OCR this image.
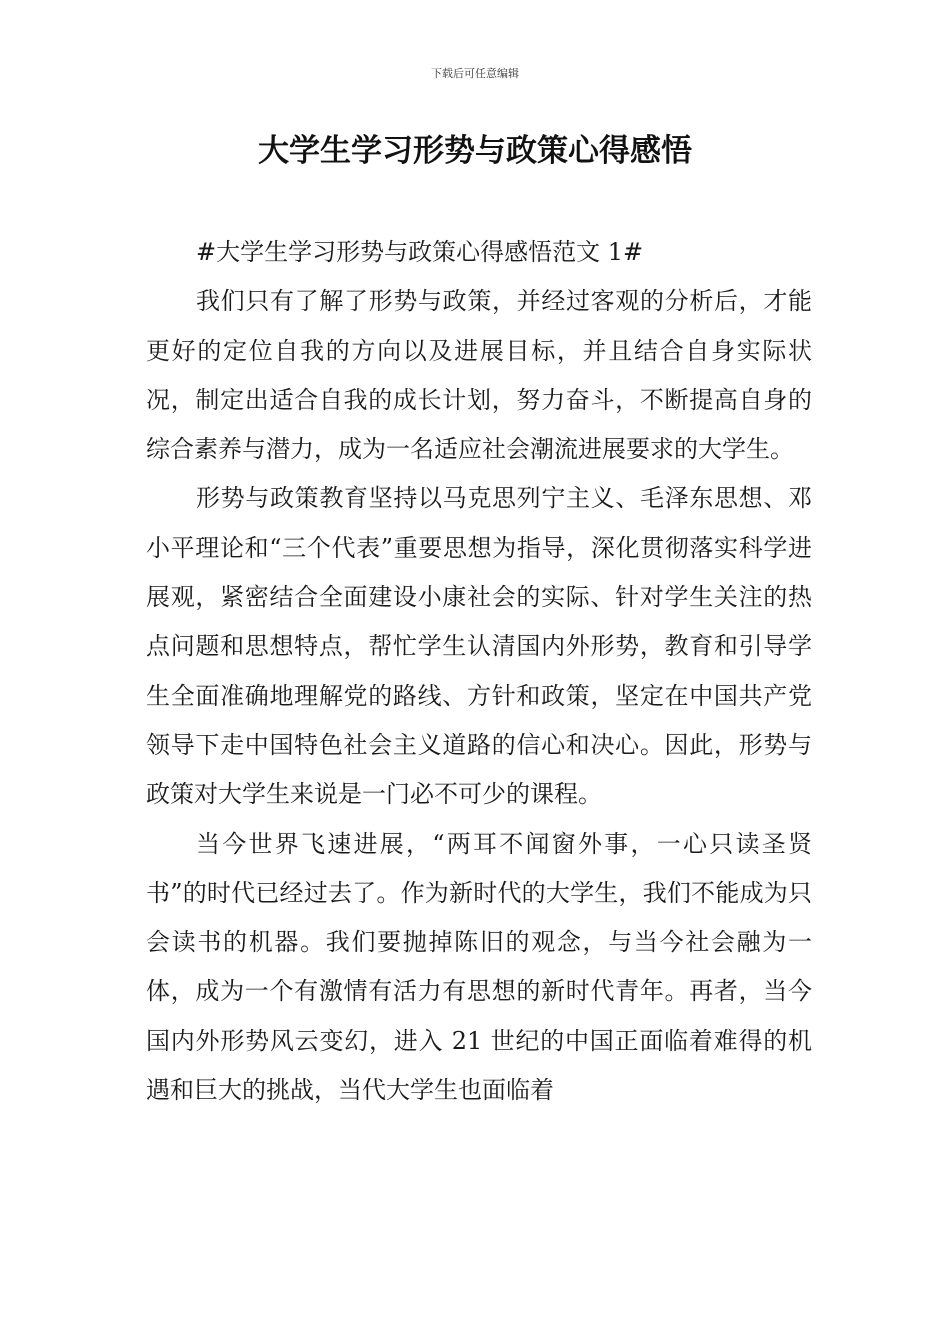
下载后可任意编辑
大学生学习形势与政策心得感悟

#大学生学习形势与政策心得感悟范文 1#

我们只有了解了形势与政策，并经过客观的分析后，才能更好的定位自我的方向以及进展目标，并且结合自身实际状况，制定出适合自我的成长计划，努力奋斗，不断提高自身的综合素养与潜力，成为一名适应社会潮流进展要求的大学生。

形势与政策教育坚持以马克思列宁主义、毛泽东思想、邓小平理论和“三个代表”重要思想为指导，深化贯彻落实科学进展观，紧密结合全面建设小康社会的实际、针对学生关注的热点问题和思想特点，帮忙学生认清国内外形势，教育和引导学生全面准确地理解党的路线、方针和政策，坚定在中国共产党领导下走中国特色社会主义道路的信心和决心。因此，形势与政策对大学生来说是一门必不可少的课程。

当今世界飞速进展，“两耳不闻窗外事，一心只读圣贤书”的时代已经过去了。作为新时代的大学生，我们不能成为只会读书的机器。我们要抛掉陈旧的观念，与当今社会融为一体，成为一个有激情有活力有思想的新时代青年。再者，当今国内外形势风云变幻，进入 21 世纪的中国正面临着难得的机遇和巨大的挑战，当代大学生也面临着
